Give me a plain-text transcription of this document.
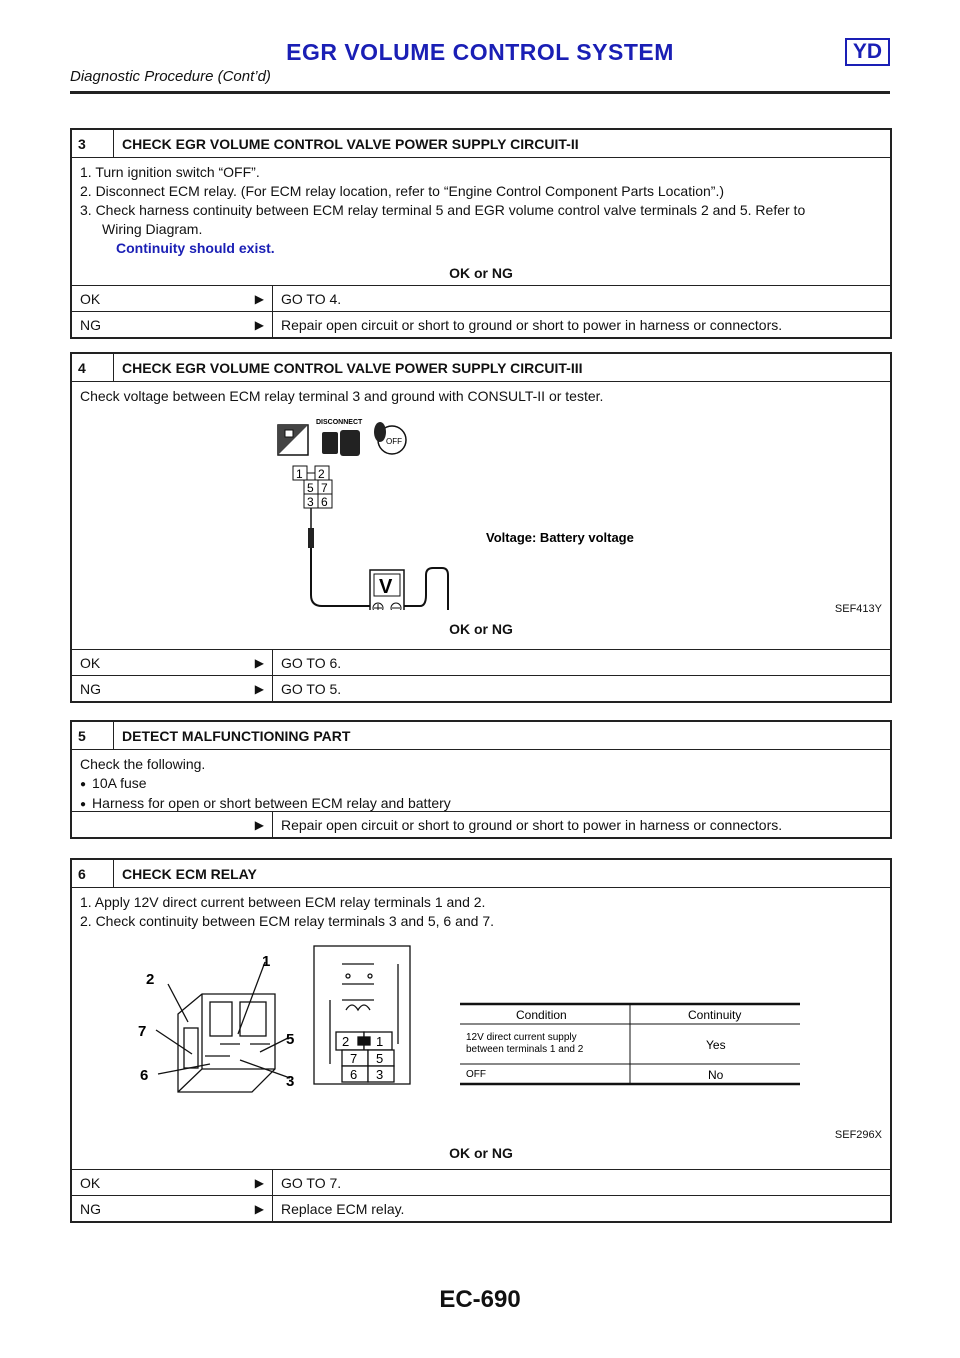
EGR VOLUME CONTROL SYSTEM	YD
Diagnostic Procedure (Cont’d)
3	CHECK EGR VOLUME CONTROL VALVE POWER SUPPLY CIRCUIT-II
1. Turn ignition switch “OFF”.
2. Disconnect ECM relay. (For ECM relay location, refer to “Engine Control Component Parts Location”.)
3. Check harness continuity between ECM relay terminal 5 and EGR volume control valve terminals 2 and 5. Refer to
Wiring Diagram.
Continuity should exist.
OK or NG
OK	▶	GO TO 4.
NG	▶	Repair open circuit or short to ground or short to power in harness or connectors.
4	CHECK EGR VOLUME CONTROL VALVE POWER SUPPLY CIRCUIT-III
Check voltage between ECM relay terminal 3 and ground with CONSULT-II or tester.
T.S.
DISCONNECT
OFF
1 2
5 7
3 6
V
Voltage: Battery voltage
SEF413Y
OK or NG
OK	▶	GO TO 6.
NG	▶	GO TO 5.
5	DETECT MALFUNCTIONING PART
Check the following.
● 10A fuse
● Harness for open or short between ECM relay and battery
▶	Repair open circuit or short to ground or short to power in harness or connectors.
6	CHECK ECM RELAY
1. Apply 12V direct current between ECM relay terminals 1 and 2.
2. Check continuity between ECM relay terminals 3 and 5, 6 and 7.
1
2
7	5
6	3
2 1
7 5
6 3
Condition	Continuity
12V direct current supply
between terminals 1 and 2	Yes
OFF	No
SEF296X
OK or NG
OK	▶	GO TO 7.
NG	▶	Replace ECM relay.
EC-690
